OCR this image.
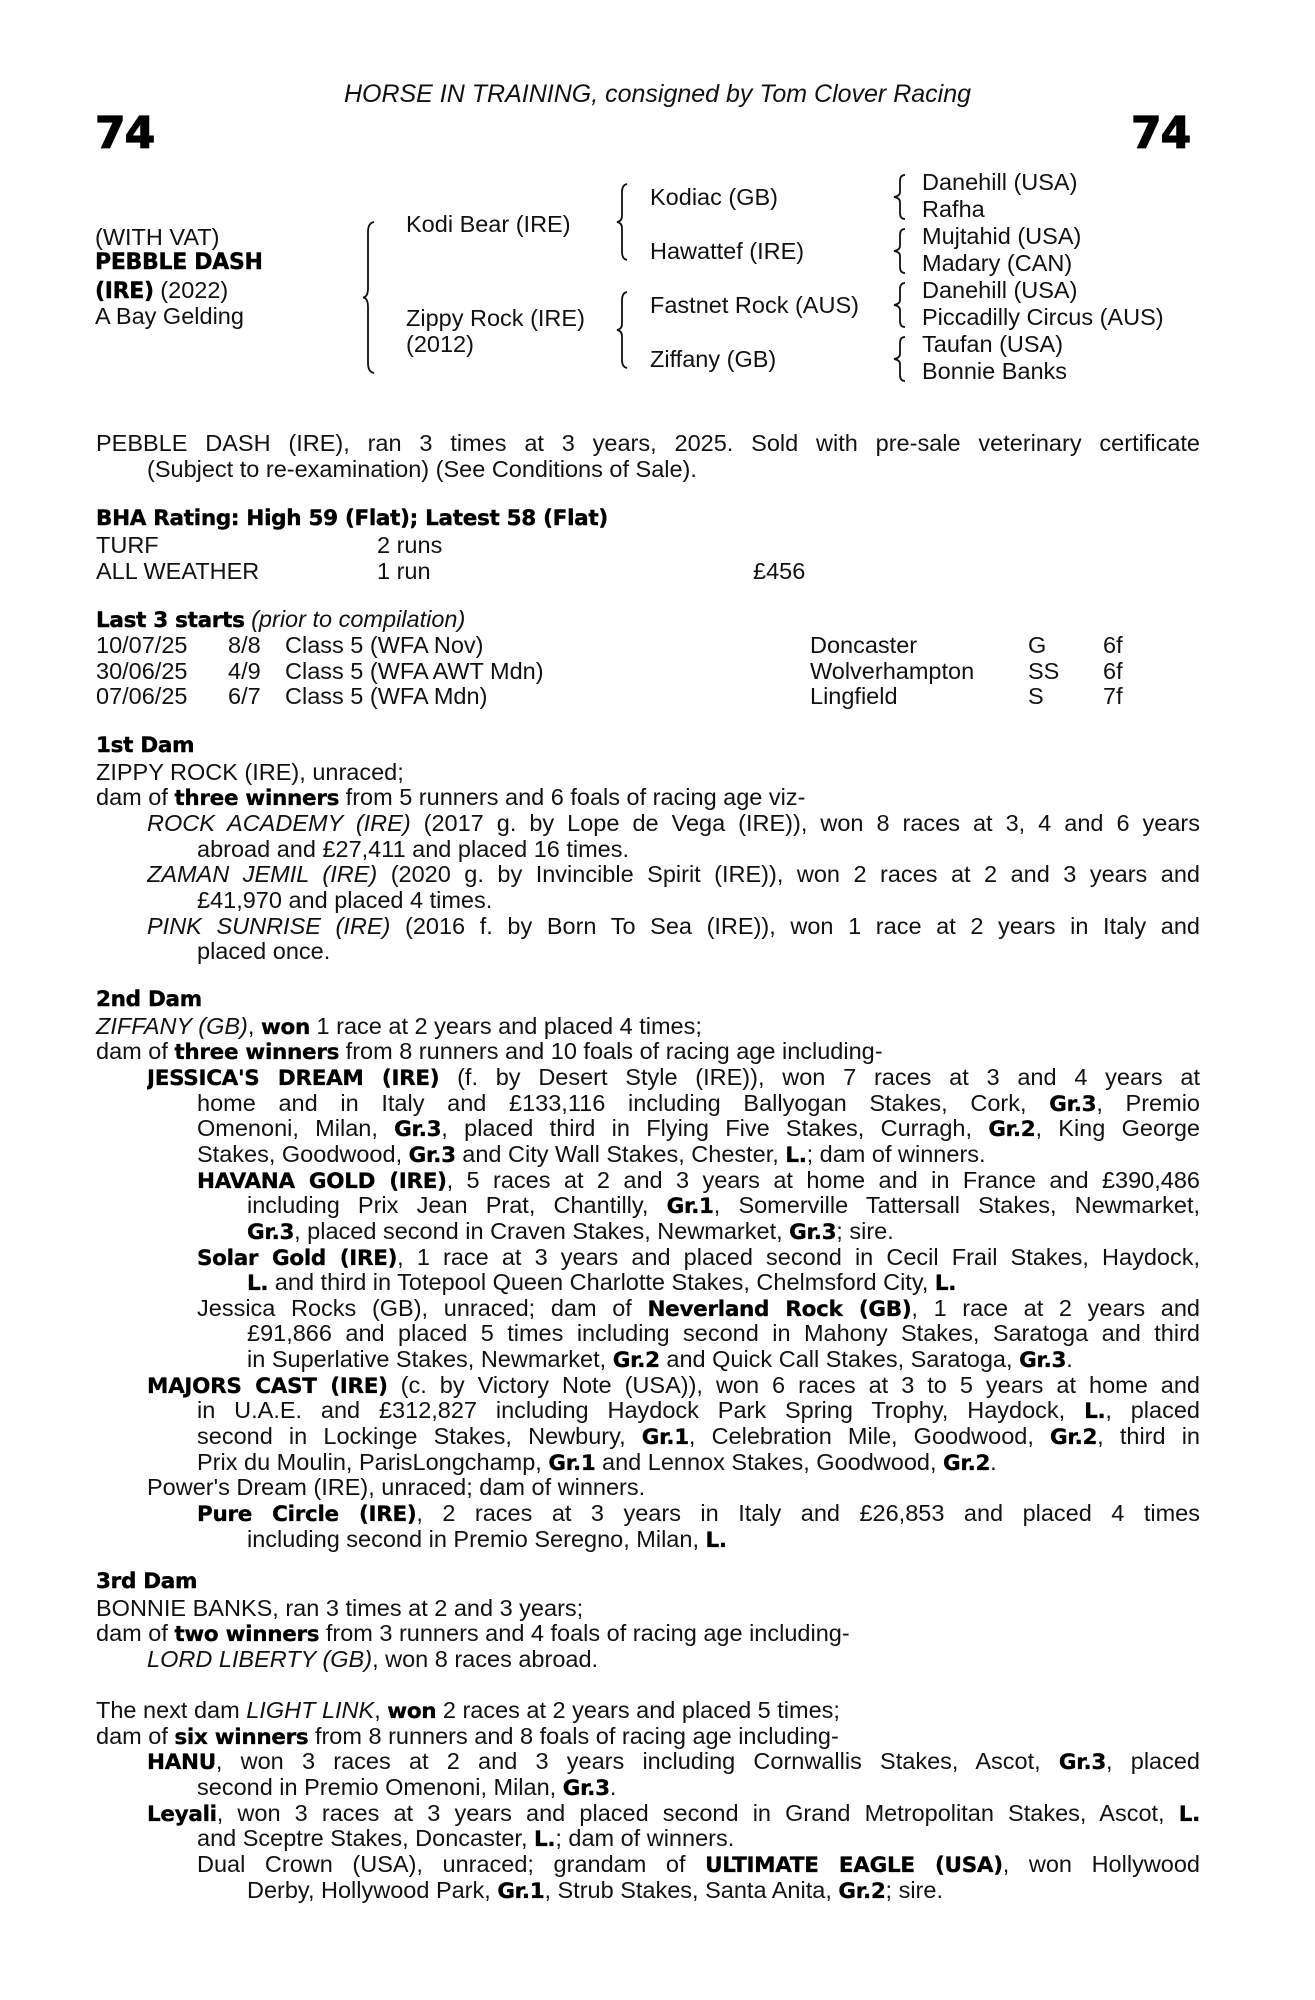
HORSE IN TRAINING, consigned by Tom Clover Racing
74	74
(WITH VAT)
PEBBLE DASH
(IRE) (2022)
A Bay Gelding
Kodi Bear (IRE)
Zippy Rock (IRE)
(2012)
Kodiac (GB)
Hawattef (IRE)
Fastnet Rock (AUS)
Ziffany (GB)
Danehill (USA)
Rafha
Mujtahid (USA)
Madary (CAN)
Danehill (USA)
Piccadilly Circus (AUS)
Taufan (USA)
Bonnie Banks
PEBBLE DASH (IRE), ran 3 times at 3 years, 2025. Sold with pre-sale veterinary certificate
(Subject to re-examination) (See Conditions of Sale).
BHA Rating: High 59 (Flat); Latest 58 (Flat)
TURF	2 runs
ALL WEATHER	1 run	£456
Last 3 starts (prior to compilation)
10/07/25 8/8 Class 5 (WFA Nov)	Doncaster	G 6f
30/06/25 4/9 Class 5 (WFA AWT Mdn)	Wolverhampton SS 6f
07/06/25 6/7 Class 5 (WFA Mdn)	Lingfield	S	7f
1st Dam
ZIPPY ROCK (IRE), unraced;
dam of three winners from 5 runners and 6 foals of racing age viz-
ROCK ACADEMY (IRE) (2017 g. by Lope de Vega (IRE)), won 8 races at 3, 4 and 6 years
abroad and £27,411 and placed 16 times.
ZAMAN JEMIL (IRE) (2020 g. by Invincible Spirit (IRE)), won 2 races at 2 and 3 years and
£41,970 and placed 4 times.
PINK SUNRISE (IRE) (2016 f. by Born To Sea (IRE)), won 1 race at 2 years in Italy and
placed once.
2nd Dam
ZIFFANY (GB), won 1 race at 2 years and placed 4 times;
dam of three winners from 8 runners and 10 foals of racing age including-
JESSICA'S DREAM (IRE) (f. by Desert Style (IRE)), won 7 races at 3 and 4 years at
home and in Italy and £133,116 including Ballyogan Stakes, Cork, Gr.3, Premio
Omenoni, Milan, Gr.3, placed third in Flying Five Stakes, Curragh, Gr.2, King George
Stakes, Goodwood, Gr.3 and City Wall Stakes, Chester, L.; dam of winners.
HAVANA GOLD (IRE), 5 races at 2 and 3 years at home and in France and £390,486
including Prix Jean Prat, Chantilly, Gr.1, Somerville Tattersall Stakes, Newmarket,
Gr.3, placed second in Craven Stakes, Newmarket, Gr.3; sire.
Solar Gold (IRE), 1 race at 3 years and placed second in Cecil Frail Stakes, Haydock,
L. and third in Totepool Queen Charlotte Stakes, Chelmsford City, L.
Jessica Rocks (GB), unraced; dam of Neverland Rock (GB), 1 race at 2 years and
£91,866 and placed 5 times including second in Mahony Stakes, Saratoga and third
in Superlative Stakes, Newmarket, Gr.2 and Quick Call Stakes, Saratoga, Gr.3.
MAJORS CAST (IRE) (c. by Victory Note (USA)), won 6 races at 3 to 5 years at home and
in U.A.E. and £312,827 including Haydock Park Spring Trophy, Haydock, L., placed
second in Lockinge Stakes, Newbury, Gr.1, Celebration Mile, Goodwood, Gr.2, third in
Prix du Moulin, ParisLongchamp, Gr.1 and Lennox Stakes, Goodwood, Gr.2.
Power's Dream (IRE), unraced; dam of winners.
Pure Circle (IRE), 2 races at 3 years in Italy and £26,853 and placed 4 times
including second in Premio Seregno, Milan, L.
3rd Dam
BONNIE BANKS, ran 3 times at 2 and 3 years;
dam of two winners from 3 runners and 4 foals of racing age including-
LORD LIBERTY (GB), won 8 races abroad.
The next dam LIGHT LINK, won 2 races at 2 years and placed 5 times;
dam of six winners from 8 runners and 8 foals of racing age including-
HANU, won 3 races at 2 and 3 years including Cornwallis Stakes, Ascot, Gr.3, placed
second in Premio Omenoni, Milan, Gr.3.
Leyali, won 3 races at 3 years and placed second in Grand Metropolitan Stakes, Ascot, L.
and Sceptre Stakes, Doncaster, L.; dam of winners.
Dual Crown (USA), unraced; grandam of ULTIMATE EAGLE (USA), won Hollywood
Derby, Hollywood Park, Gr.1, Strub Stakes, Santa Anita, Gr.2; sire.
